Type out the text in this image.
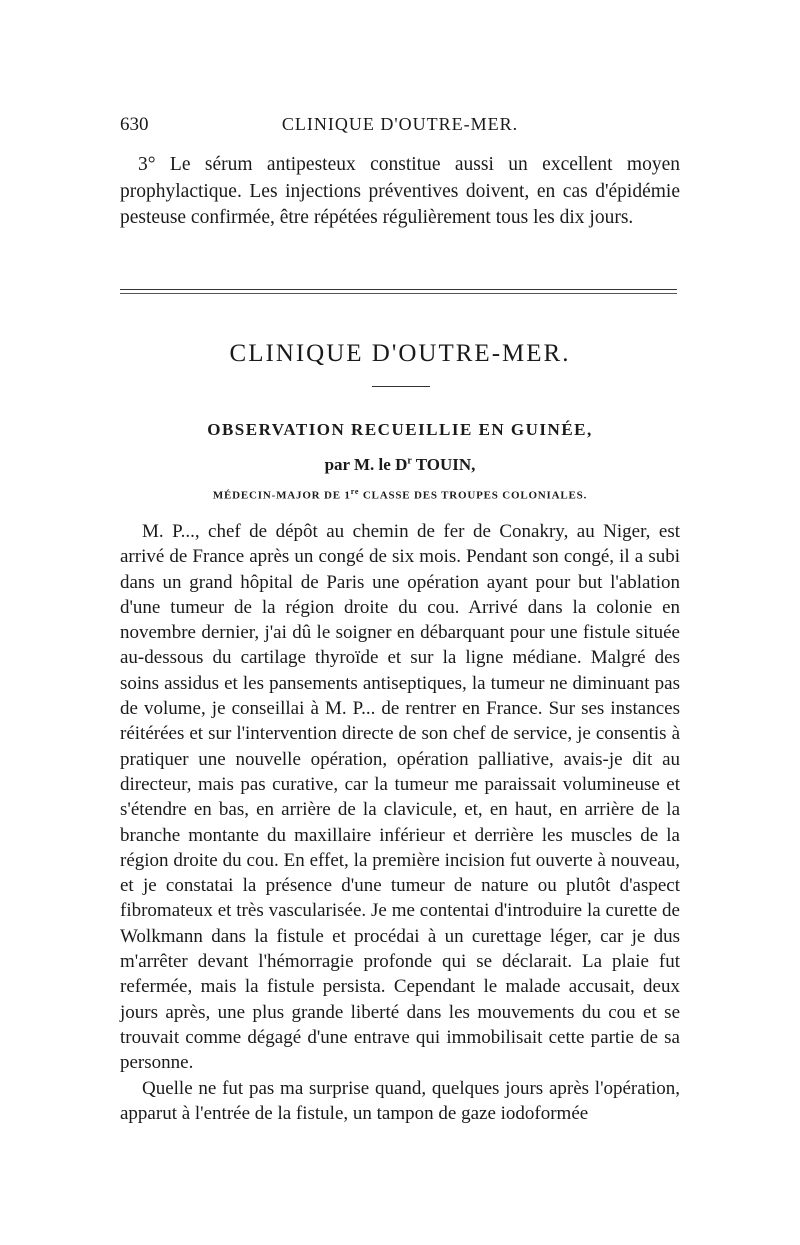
630	CLINIQUE D'OUTRE-MER.

3° Le sérum antipesteux constitue aussi un excellent moyen prophylactique. Les injections préventives doivent, en cas d'épidémie pesteuse confirmée, être répétées régulièrement tous les dix jours.

CLINIQUE D'OUTRE-MER.
OBSERVATION RECUEILLIE EN GUINÉE,
par M. le $D^r$ TOUIN,
MÉDECIN-MAJOR DE 1re CLASSE DES TROUPES COLONIALES.

M. P..., chef de dépôt au chemin de fer de Conakry, au Niger, est arrivé de France après un congé de six mois. Pendant son congé, il a subi dans un grand hôpital de Paris une opération ayant pour but l'ablation d'une tumeur de la région droite du cou. Arrivé dans la colonie en novembre dernier, j'ai dû le soigner en débarquant pour une fistule située au-dessous du cartilage thyroïde et sur la ligne médiane. Malgré des soins assidus et les pansements antiseptiques, la tumeur ne diminuant pas de volume, je conseillai à M. P... de rentrer en France. Sur ses instances réitérées et sur l'intervention directe de son chef de service, je consentis à pratiquer une nouvelle opération, opération palliative, avais-je dit au directeur, mais pas curative, car la tumeur me paraissait volumineuse et s'étendre en bas, en arrière de la clavicule, et, en haut, en arrière de la branche montante du maxillaire inférieur et derrière les muscles de la région droite du cou. En effet, la première incision fut ouverte à nouveau, et je constatai la présence d'une tumeur de nature ou plutôt d'aspect fibromateux et très vascularisée. Je me contentai d'introduire la curette de Wolkmann dans la fistule et procédai à un curettage léger, car je dus m'arrêter devant l'hémorragie profonde qui se déclarait. La plaie fut refermée, mais la fistule persista. Cependant le malade accusait, deux jours après, une plus grande liberté dans les mouvements du cou et se trouvait comme dégagé d'une entrave qui immobilisait cette partie de sa personne.

Quelle ne fut pas ma surprise quand, quelques jours après l'opération, apparut à l'entrée de la fistule, un tampon de gaze iodoformée
